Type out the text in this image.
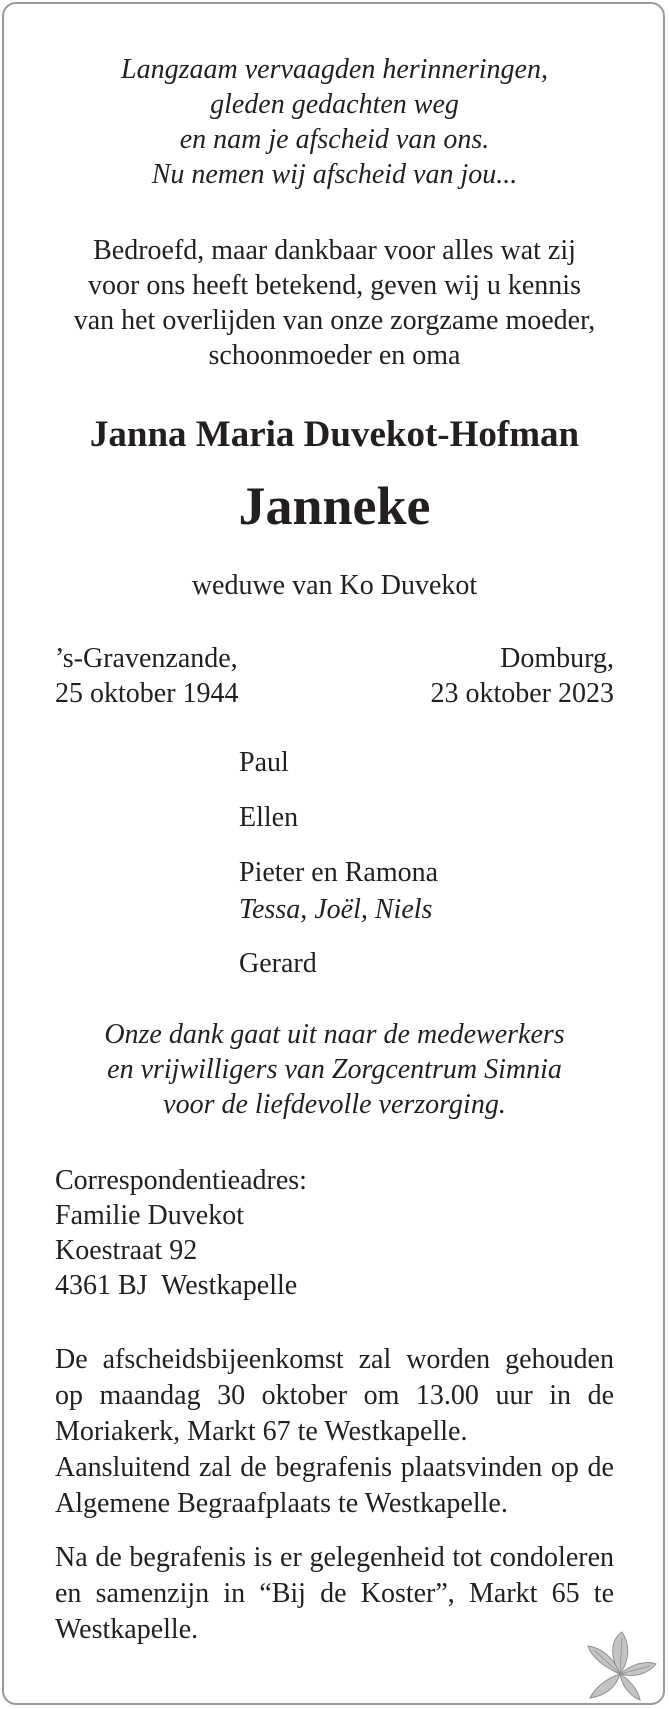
Langzaam vervaagden herinneringen,
gleden gedachten weg
en nam je afscheid van ons.
Nu nemen wij afscheid van jou...
Bedroefd, maar dankbaar voor alles wat zij
voor ons heeft betekend, geven wij u kennis
van het overlijden van onze zorgzame moeder,
schoonmoeder en oma
Janna Maria Duvekot-Hofman
Janneke
weduwe van Ko Duvekot
’s-Gravenzande,
25 oktober 1944
Domburg,
23 oktober 2023
Paul
Ellen
Pieter en Ramona
Tessa, Joël, Niels
Gerard
Onze dank gaat uit naar de medewerkers
en vrijwilligers van Zorgcentrum Simnia
voor de liefdevolle verzorging.
Correspondentieadres:
Familie Duvekot
Koestraat 92
4361 BJ  Westkapelle
De afscheidsbijeenkomst zal worden gehouden
op maandag 30 oktober om 13.00 uur in de
Moriakerk, Markt 67 te Westkapelle.
Aansluitend zal de begrafenis plaatsvinden op de
Algemene Begraafplaats te Westkapelle.
Na de begrafenis is er gelegenheid tot condoleren
en samenzijn in “Bij de Koster”, Markt 65 te
Westkapelle.
